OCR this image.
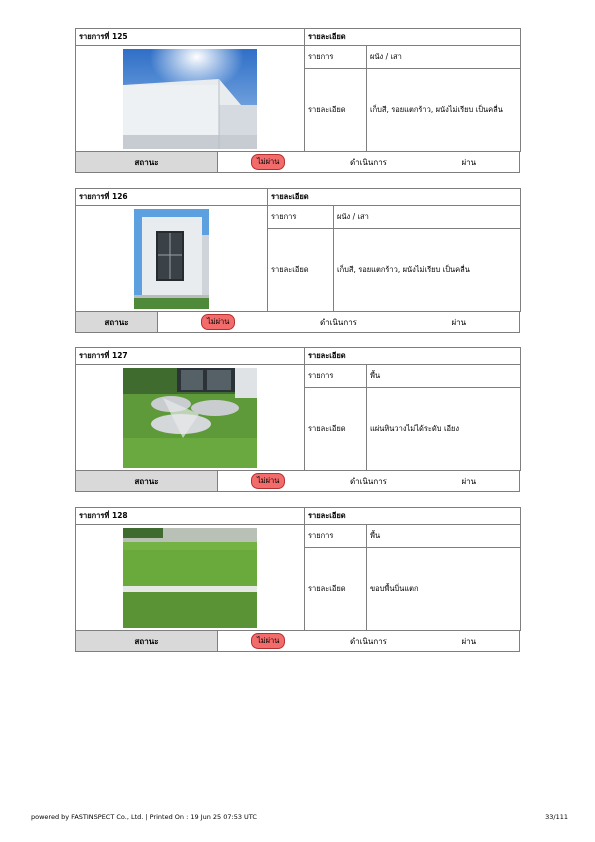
รายการที่ 125	รายละเอียด	
	รายการ	ผนัง / เสา
	รายละเอียด	เก็บสี, รอยแตกร้าว, ผนังไม่เรียบ เป็นคลื่น
สถานะ	ไม่ผ่าน	ดำเนินการ	ผ่าน
รายการที่ 126	รายละเอียด	
	รายการ	ผนัง / เสา
	รายละเอียด	เก็บสี, รอยแตกร้าว, ผนังไม่เรียบ เป็นคลื่น
สถานะ	ไม่ผ่าน	ดำเนินการ	ผ่าน
รายการที่ 127	รายละเอียด	
	รายการ	พื้น
	รายละเอียด	แผ่นหินวางไม่ได้ระดับ เอียง
สถานะ	ไม่ผ่าน	ดำเนินการ	ผ่าน
รายการที่ 128	รายละเอียด	
	รายการ	พื้น
	รายละเอียด	ขอบพื้นบิ่นแตก
สถานะ	ไม่ผ่าน	ดำเนินการ	ผ่าน
powered by FASTINSPECT Co., Ltd. | Printed On : 19 Jun 25 07:53 UTC	33/111
